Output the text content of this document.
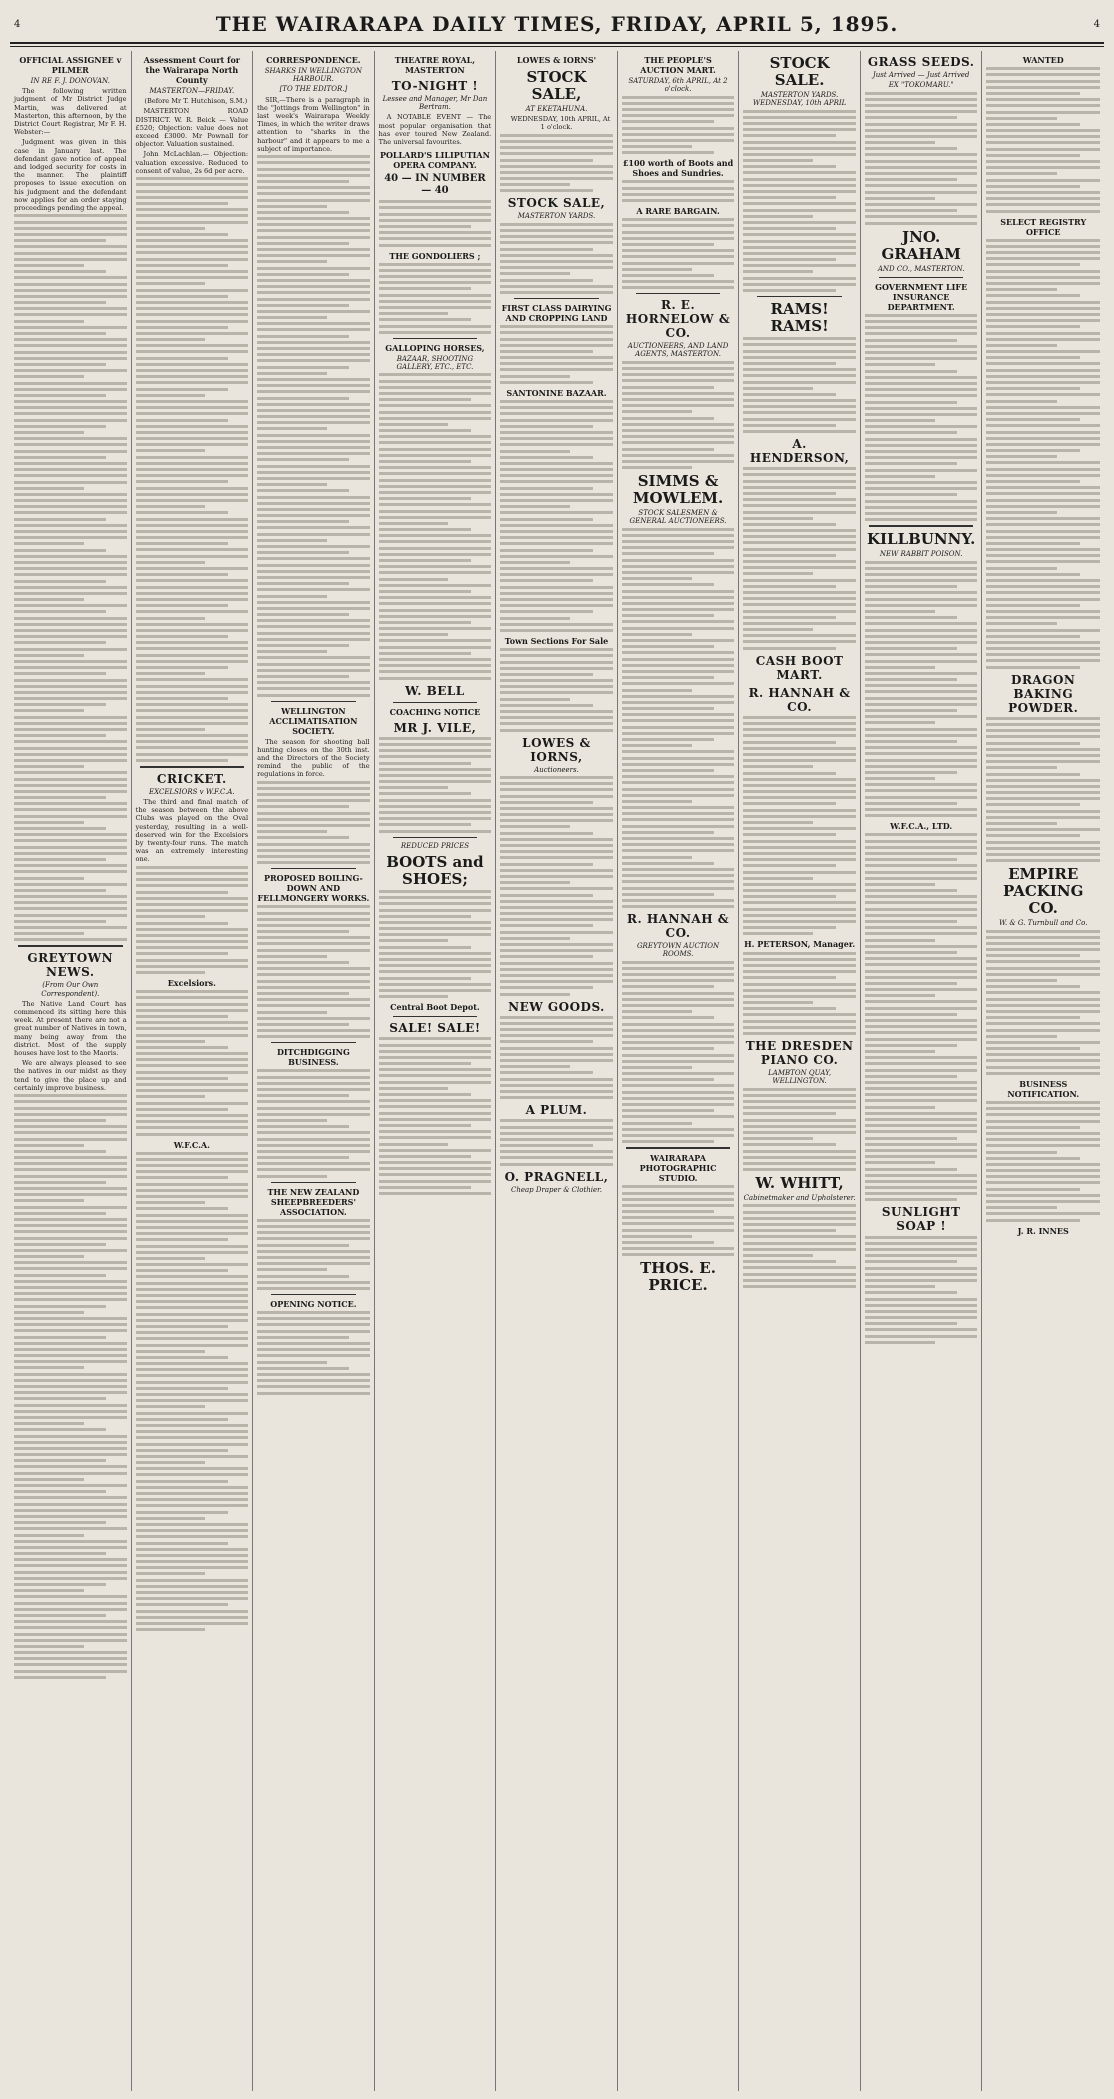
4	THE WAIRARAPA DAILY TIMES, FRIDAY, APRIL 5, 1895.	4
OFFICIAL ASSIGNEE v PILMER
IN RE F. J. DONOVAN.

The following written judgment of Mr District Judge Martin, was delivered at Masterton, this afternoon, by the District Court Registrar, Mr F. H. Webster:—

Judgment was given in this case in January last. The defendant gave notice of appeal and lodged security for costs in the manner. The plaintiff proposes to issue execution on his judgment and the defendant now applies for an order staying proceedings pending the appeal.

GREYTOWN NEWS.
(From Our Own Correspondent).

The Native Land Court has commenced its sitting here this week. At present there are not a great number of Natives in town, many being away from the district. Most of the supply houses have lost to the Maoris.

We are always pleased to see the natives in our midst as they tend to give the place up and certainly improve business.

Assessment Court for the Wairarapa North County
MASTERTON—FRIDAY.

(Before Mr T. Hutchison, S.M.)

MASTERTON ROAD DISTRICT. W. R. Beick — Value £520; Objection: value does not exceed £3000. Mr Pownall for objector. Valuation sustained.

John McLachlan.— Objection: valuation excessive. Reduced to consent of value, 2s 6d per acre.

CRICKET.
EXCELSIORS v W.F.C.A.

The third and final match of the season between the above Clubs was played on the Oval yesterday, resulting in a well-deserved win for the Excelsiors by twenty-four runs. The match was an extremely interesting one.

Excelsiors.
W.F.C.A.
CORRESPONDENCE.
SHARKS IN WELLINGTON HARBOUR.
[TO THE EDITOR.]

SIR,—There is a paragraph in the "Jottings from Wellington" in last week's Wairarapa Weekly Times, in which the writer draws attention to "sharks in the harbour" and it appears to me a subject of importance.

WELLINGTON ACCLIMATISATION SOCIETY.

The season for shooting ball hunting closes on the 30th inst. and the Directors of the Society remind the public of the regulations in force.

PROPOSED BOILING-DOWN AND FELLMONGERY WORKS.
DITCHDIGGING BUSINESS.
THE NEW ZEALAND SHEEPBREEDERS' ASSOCIATION.
OPENING NOTICE.
THEATRE ROYAL, MASTERTON
TO-NIGHT !
Lessee and Manager, Mr Dan Bertram.

A NOTABLE EVENT — The most popular organisation that has ever toured New Zealand. The universal favourites.

POLLARD'S LILIPUTIAN OPERA COMPANY.
40 — IN NUMBER — 40
THE GONDOLIERS ;
GALLOPING HORSES,
BAZAAR, SHOOTING GALLERY, ETC., ETC.
W. BELL
COACHING NOTICE
MR J. VILE,
REDUCED PRICES
BOOTS and SHOES;
Central Boot Depot.
SALE! SALE!
LOWES & IORNS'
STOCK SALE,
AT EKETAHUNA.

WEDNESDAY, 10th APRIL, At 1 o'clock.

STOCK SALE,
MASTERTON YARDS.
FIRST CLASS DAIRYING AND CROPPING LAND
SANTONINE BAZAAR.
Town Sections For Sale
LOWES & IORNS,
Auctioneers.
NEW GOODS.
A PLUM.
O. PRAGNELL,
Cheap Draper & Clothier.
THE PEOPLE'S AUCTION MART.
SATURDAY, 6th APRIL, At 2 o'clock.
£100 worth of Boots and Shoes and Sundries.
A RARE BARGAIN.
R. E. HORNELOW & CO.
AUCTIONEERS, AND LAND AGENTS, MASTERTON.
SIMMS & MOWLEM.
STOCK SALESMEN & GENERAL AUCTIONEERS.
R. HANNAH & CO.
GREYTOWN AUCTION ROOMS.
WAIRARAPA PHOTOGRAPHIC STUDIO.
THOS. E. PRICE.
STOCK SALE.
MASTERTON YARDS. WEDNESDAY, 10th APRIL
RAMS! RAMS!
A. HENDERSON,
CASH BOOT MART.
R. HANNAH & CO.
H. PETERSON, Manager.
THE DRESDEN PIANO CO.
LAMBTON QUAY, WELLINGTON.
W. WHITT,
Cabinetmaker and Upholsterer.
GRASS SEEDS.
Just Arrived — Just Arrived
EX "TOKOMARU."
JNO. GRAHAM
AND CO., MASTERTON.
GOVERNMENT LIFE INSURANCE DEPARTMENT.
KILLBUNNY.
NEW RABBIT POISON.
W.F.C.A., LTD.
SUNLIGHT SOAP !
WANTED
SELECT REGISTRY OFFICE
DRAGON BAKING POWDER.
EMPIRE PACKING CO.
W. & G. Turnbull and Co.
BUSINESS NOTIFICATION.
J. R. INNES
